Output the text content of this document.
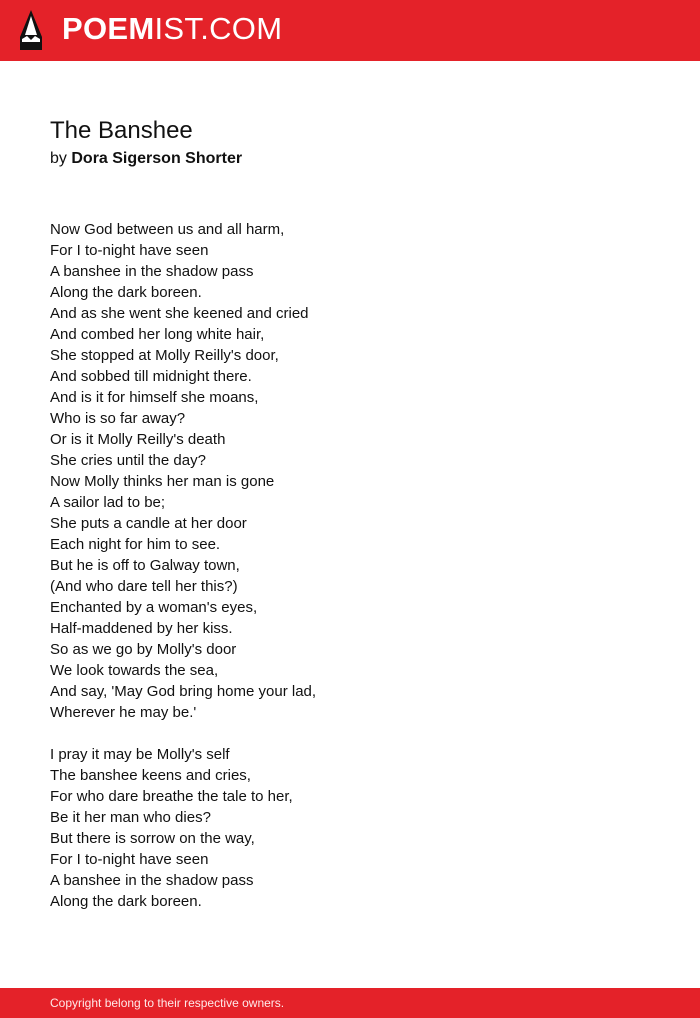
POEMIST.COM
The Banshee
by Dora Sigerson Shorter
Now God between us and all harm,
For I to-night have seen
A banshee in the shadow pass
Along the dark boreen.
And as she went she keened and cried
And combed her long white hair,
She stopped at Molly Reilly's door,
And sobbed till midnight there.
And is it for himself she moans,
Who is so far away?
Or is it Molly Reilly's death
She cries until the day?
Now Molly thinks her man is gone
A sailor lad to be;
She puts a candle at her door
Each night for him to see.
But he is off to Galway town,
(And who dare tell her this?)
Enchanted by a woman's eyes,
Half-maddened by her kiss.
So as we go by Molly's door
We look towards the sea,
And say, 'May God bring home your lad,
Wherever he may be.'
I pray it may be Molly's self
The banshee keens and cries,
For who dare breathe the tale to her,
Be it her man who dies?
But there is sorrow on the way,
For I to-night have seen
A banshee in the shadow pass
Along the dark boreen.
Copyright belong to their respective owners.
